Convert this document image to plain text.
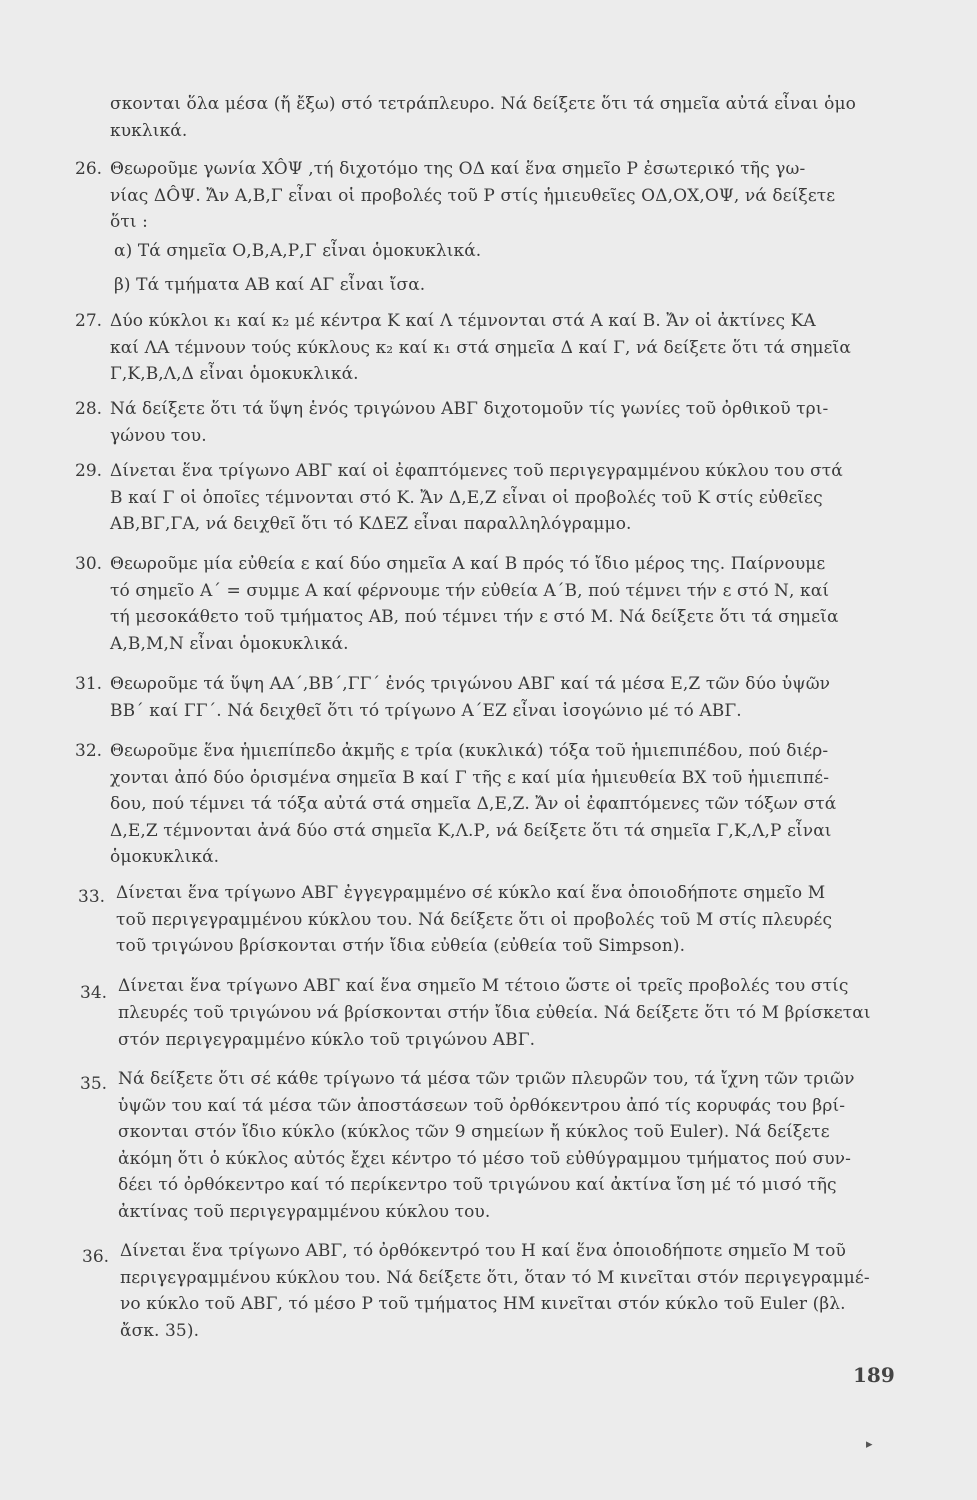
σκονται ὅλα μέσα (ἤ ἔξω) στό τετράπλευρο. Νά δείξετε ὅτι τά σημεῖα αὐτά εἶναι ὁμο
κυκλικά.
26. Θεωροῦμε γωνία XÔΨ ,τή διχοτόμο της ΟΔ καί ἕνα σημεῖο Ρ ἐσωτερικό τῆς γω-
νίας ΔÔΨ. Ἄν Α,Β,Γ εἶναι οἱ προβολές τοῦ Ρ στίς ἡμιευθεῖες ΟΔ,ΟΧ,ΟΨ, νά δείξετε
ὅτι :
α) Τά σημεῖα Ο,Β,Α,Ρ,Γ εἶναι ὁμοκυκλικά.
β) Τά τμήματα ΑΒ καί ΑΓ εἶναι ἴσα.
27. Δύο κύκλοι κ₁ καί κ₂ μέ κέντρα Κ καί Λ τέμνονται στά Α καί Β. Ἄν οἱ ἀκτίνες ΚΑ
καί ΛΑ τέμνουν τούς κύκλους κ₂ καί κ₁ στά σημεῖα Δ καί Γ, νά δείξετε ὅτι τά σημεῖα
Γ,Κ,Β,Λ,Δ εἶναι ὁμοκυκλικά.
28. Νά δείξετε ὅτι τά ὕψη ἑνός τριγώνου ΑΒΓ διχοτομοῦν τίς γωνίες τοῦ ὀρθικοῦ τρι-
γώνου του.
29. Δίνεται ἕνα τρίγωνο ΑΒΓ καί οἱ ἐφαπτόμενες τοῦ περιγεγραμμένου κύκλου του στά
Β καί Γ οἱ ὁποῖες τέμνονται στό Κ. Ἄν Δ,Ε,Ζ εἶναι οἱ προβολές τοῦ Κ στίς εὐθεῖες
ΑΒ,ΒΓ,ΓΑ, νά δειχθεῖ ὅτι τό ΚΔΕΖ εἶναι παραλληλόγραμμο.
30. Θεωροῦμε μία εὐθεία ε καί δύο σημεῖα Α καί Β πρός τό ἴδιο μέρος της. Παίρνουμε
τό σημεῖο Α΄ = συμμε Α καί φέρνουμε τήν εὐθεία Α΄Β, πού τέμνει τήν ε στό Ν, καί
τή μεσοκάθετο τοῦ τμήματος ΑΒ, πού τέμνει τήν ε στό Μ. Νά δείξετε ὅτι τά σημεῖα
Α,Β,Μ,Ν εἶναι ὁμοκυκλικά.
31. Θεωροῦμε τά ὕψη ΑΑ΄,ΒΒ΄,ΓΓ΄ ἑνός τριγώνου ΑΒΓ καί τά μέσα Ε,Ζ τῶν δύο ὑψῶν
ΒΒ΄ καί ΓΓ΄. Νά δειχθεῖ ὅτι τό τρίγωνο Α΄ΕΖ εἶναι ἰσογώνιο μέ τό ΑΒΓ.
32. Θεωροῦμε ἕνα ἡμιεπίπεδο ἀκμῆς ε τρία (κυκλικά) τόξα τοῦ ἡμιεπιπέδου, πού διέρ-
χονται ἀπό δύο ὁρισμένα σημεῖα Β καί Γ τῆς ε καί μία ἡμιευθεία ΒΧ τοῦ ἡμιεπιπέ-
δου, πού τέμνει τά τόξα αὐτά στά σημεῖα Δ,Ε,Ζ. Ἄν οἱ ἐφαπτόμενες τῶν τόξων στά
Δ,Ε,Ζ τέμνονται ἀνά δύο στά σημεῖα Κ,Λ.Ρ, νά δείξετε ὅτι τά σημεῖα Γ,Κ,Λ,Ρ εἶναι
ὁμοκυκλικά.
33. Δίνεται ἕνα τρίγωνο ΑΒΓ ἐγγεγραμμένο σέ κύκλο καί ἕνα ὁποιοδήποτε σημεῖο Μ
τοῦ περιγεγραμμένου κύκλου του. Νά δείξετε ὅτι οἱ προβολές τοῦ Μ στίς πλευρές
τοῦ τριγώνου βρίσκονται στήν ἴδια εὐθεία (εὐθεία τοῦ Simpson).
34. Δίνεται ἕνα τρίγωνο ΑΒΓ καί ἕνα σημεῖο Μ τέτοιο ὥστε οἱ τρεῖς προβολές του στίς
πλευρές τοῦ τριγώνου νά βρίσκονται στήν ἴδια εὐθεία. Νά δείξετε ὅτι τό Μ βρίσκεται
στόν περιγεγραμμένο κύκλο τοῦ τριγώνου ΑΒΓ.
35. Νά δείξετε ὅτι σέ κάθε τρίγωνο τά μέσα τῶν τριῶν πλευρῶν του, τά ἴχνη τῶν τριῶν
ὑψῶν του καί τά μέσα τῶν ἀποστάσεων τοῦ ὀρθόκεντρου ἀπό τίς κορυφάς του βρί-
σκονται στόν ἴδιο κύκλο (κύκλος τῶν 9 σημείων ἤ κύκλος τοῦ Euler). Νά δείξετε
ἀκόμη ὅτι ὁ κύκλος αὐτός ἔχει κέντρο τό μέσο τοῦ εὐθύγραμμου τμήματος πού συν-
δέει τό ὀρθόκεντρο καί τό περίκεντρο τοῦ τριγώνου καί ἀκτίνα ἴση μέ τό μισό τῆς
ἀκτίνας τοῦ περιγεγραμμένου κύκλου του.
36. Δίνεται ἕνα τρίγωνο ΑΒΓ, τό ὀρθόκεντρό του Η καί ἕνα ὁποιοδήποτε σημεῖο Μ τοῦ
περιγεγραμμένου κύκλου του. Νά δείξετε ὅτι, ὅταν τό Μ κινεῖται στόν περιγεγραμμέ-
νο κύκλο τοῦ ΑΒΓ, τό μέσο Ρ τοῦ τμήματος ΗΜ κινεῖται στόν κύκλο τοῦ Euler (βλ.
ἄσκ. 35).
189
▸
